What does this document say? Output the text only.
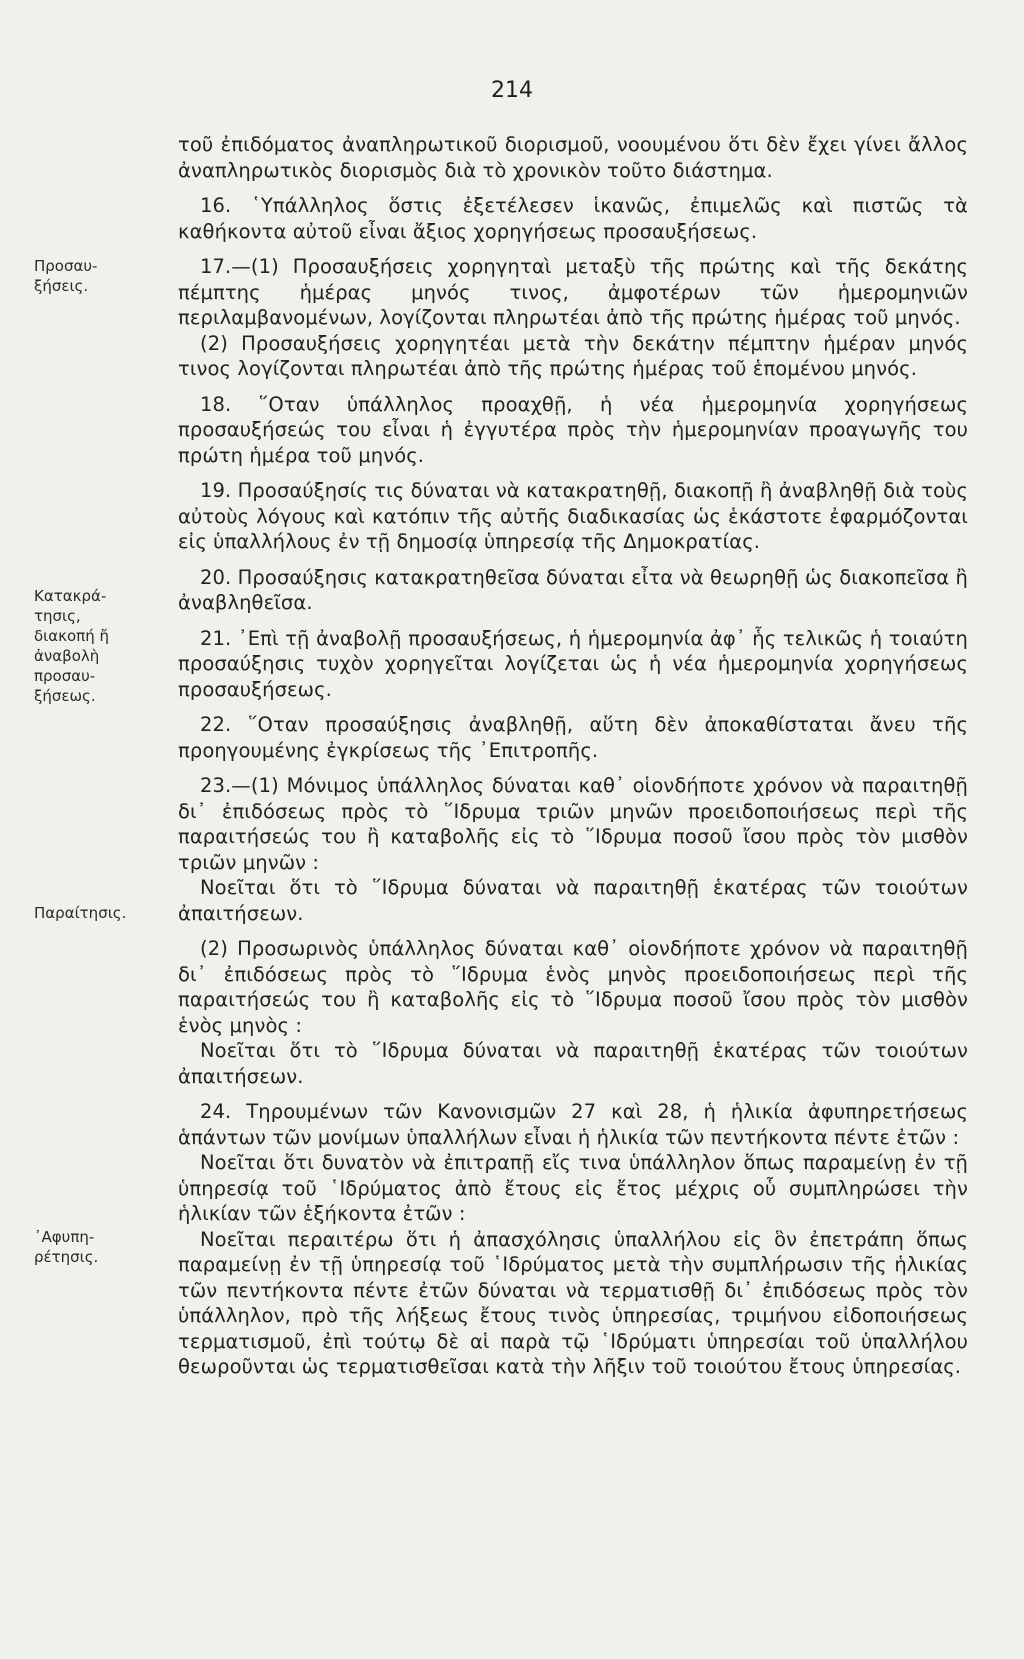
214
Προσαυ-
ξήσεις.
Κατακρά-
τησις,
διακοπή ἤ
ἀναβολὴ
προσαυ-
ξήσεως.
Παραίτησις.
᾽Αφυπη-
ρέτησις.

τοῦ ἐπιδόματος ἀναπληρωτικοῦ διορισμοῦ, νοουμένου ὅτι δὲν ἔχει γίνει ἄλλος ἀναπληρωτικὸς διορισμὸς διὰ τὸ χρονικὸν τοῦτο διάστημα.

16. ῾Υπάλληλος ὅστις ἐξετέλεσεν ἱκανῶς, ἐπιμελῶς καὶ πιστῶς τὰ καθήκοντα αὐτοῦ εἶναι ἄξιος χορηγήσεως προσαυξήσεως.

17.—(1) Προσαυξήσεις χορηγηταὶ μεταξὺ τῆς πρώτης καὶ τῆς δεκάτης πέμπτης ἡμέρας μηνός τινος, ἀμφοτέρων τῶν ἡμερομηνιῶν περιλαμβανομένων, λογίζονται πληρωτέαι ἀπὸ τῆς πρώτης ἡμέρας τοῦ μηνός.

(2) Προσαυξήσεις χορηγητέαι μετὰ τὴν δεκάτην πέμπτην ἡμέραν μηνός τινος λογίζονται πληρωτέαι ἀπὸ τῆς πρώτης ἡμέρας τοῦ ἑπομένου μηνός.

18. ῞Οταν ὑπάλληλος προαχθῇ, ἡ νέα ἡμερομηνία χορηγήσεως προσαυξήσεώς του εἶναι ἡ ἐγγυτέρα πρὸς τὴν ἡμερομηνίαν προαγωγῆς του πρώτη ἡμέρα τοῦ μηνός.

19. Προσαύξησίς τις δύναται νὰ κατακρατηθῇ, διακοπῇ ἢ ἀναβληθῇ διὰ τοὺς αὐτοὺς λόγους καὶ κατόπιν τῆς αὐτῆς διαδικασίας ὡς ἑκάστοτε ἐφαρμόζονται εἰς ὑπαλλήλους ἐν τῇ δημοσίᾳ ὑπηρεσίᾳ τῆς Δημοκρατίας.

20. Προσαύξησις κατακρατηθεῖσα δύναται εἶτα νὰ θεωρηθῇ ὡς διακοπεῖσα ἢ ἀναβληθεῖσα.

21. ᾽Επὶ τῇ ἀναβολῇ προσαυξήσεως, ἡ ἡμερομηνία ἀφ᾽ ἧς τελικῶς ἡ τοιαύτη προσαύξησις τυχὸν χορηγεῖται λογίζεται ὡς ἡ νέα ἡμερομηνία χορηγήσεως προσαυξήσεως.

22. ῞Οταν προσαύξησις ἀναβληθῇ, αὕτη δὲν ἀποκαθίσταται ἄνευ τῆς προηγουμένης ἐγκρίσεως τῆς ᾽Επιτροπῆς.

23.—(1) Μόνιμος ὑπάλληλος δύναται καθ᾽ οἱονδήποτε χρόνον νὰ παραιτηθῇ δι᾽ ἐπιδόσεως πρὸς τὸ ῞Ιδρυμα τριῶν μηνῶν προειδοποιήσεως περὶ τῆς παραιτήσεώς του ἢ καταβολῆς εἰς τὸ ῞Ιδρυμα ποσοῦ ἴσου πρὸς τὸν μισθὸν τριῶν μηνῶν :

Νοεῖται ὅτι τὸ ῞Ιδρυμα δύναται νὰ παραιτηθῇ ἑκατέρας τῶν τοιούτων ἀπαιτήσεων.

(2) Προσωρινὸς ὑπάλληλος δύναται καθ᾽ οἱονδήποτε χρόνον νὰ παραιτηθῇ δι᾽ ἐπιδόσεως πρὸς τὸ ῞Ιδρυμα ἑνὸς μηνὸς προειδοποιήσεως περὶ τῆς παραιτήσεώς του ἢ καταβολῆς εἰς τὸ ῞Ιδρυμα ποσοῦ ἴσου πρὸς τὸν μισθὸν ἑνὸς μηνὸς :

Νοεῖται ὅτι τὸ ῞Ιδρυμα δύναται νὰ παραιτηθῇ ἑκατέρας τῶν τοιούτων ἀπαιτήσεων.

24. Τηρουμένων τῶν Κανονισμῶν 27 καὶ 28, ἡ ἡλικία ἀφυπηρετήσεως ἁπάντων τῶν μονίμων ὑπαλλήλων εἶναι ἡ ἡλικία τῶν πεντήκοντα πέντε ἐτῶν :

Νοεῖται ὅτι δυνατὸν νὰ ἐπιτραπῇ εἴς τινα ὑπάλληλον ὅπως παραμείνῃ ἐν τῇ ὑπηρεσίᾳ τοῦ ῾Ιδρύματος ἀπὸ ἔτους εἰς ἔτος μέχρις οὗ συμπληρώσει τὴν ἡλικίαν τῶν ἑξήκοντα ἐτῶν :

Νοεῖται περαιτέρω ὅτι ἡ ἀπασχόλησις ὑπαλλήλου εἰς ὃν ἐπετράπη ὅπως παραμείνῃ ἐν τῇ ὑπηρεσίᾳ τοῦ ῾Ιδρύματος μετὰ τὴν συμπλήρωσιν τῆς ἡλικίας τῶν πεντήκοντα πέντε ἐτῶν δύναται νὰ τερματισθῇ δι᾽ ἐπιδόσεως πρὸς τὸν ὑπάλληλον, πρὸ τῆς λήξεως ἔτους τινὸς ὑπηρεσίας, τριμήνου εἰδοποιήσεως τερματισμοῦ, ἐπὶ τούτῳ δὲ αἱ παρὰ τῷ ῾Ιδρύματι ὑπηρεσίαι τοῦ ὑπαλλήλου θεωροῦνται ὡς τερματισθεῖσαι κατὰ τὴν λῆξιν τοῦ τοιούτου ἔτους ὑπηρεσίας.
